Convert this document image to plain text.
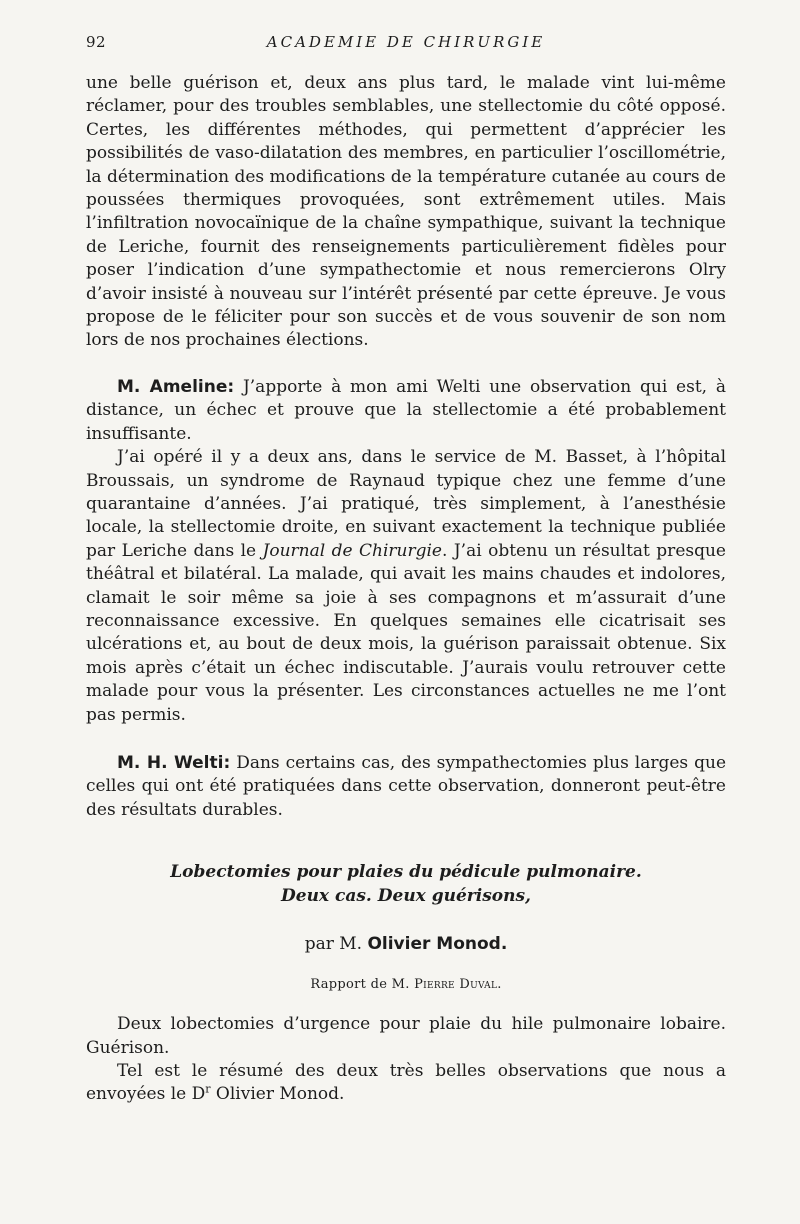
92	ACADEMIE DE CHIRURGIE

une belle guérison et, deux ans plus tard, le malade vint lui-même réclamer, pour des troubles semblables, une stellectomie du côté opposé. Certes, les différentes méthodes, qui permettent d’apprécier les possibilités de vaso-dilatation des membres, en particulier l’oscillométrie, la détermination des modifications de la température cutanée au cours de poussées thermiques provoquées, sont extrêmement utiles. Mais l’infiltration novocaïnique de la chaîne sympathique, suivant la technique de Leriche, fournit des renseignements particulièrement fidèles pour poser l’indication d’une sympathectomie et nous remercierons Olry d’avoir insisté à nouveau sur l’intérêt présenté par cette épreuve. Je vous propose de le féliciter pour son succès et de vous souvenir de son nom lors de nos prochaines élections.

M. Ameline: J’apporte à mon ami Welti une observation qui est, à distance, un échec et prouve que la stellectomie a été probablement insuffisante.

J’ai opéré il y a deux ans, dans le service de M. Basset, à l’hôpital Broussais, un syndrome de Raynaud typique chez une femme d’une quarantaine d’années. J’ai pratiqué, très simplement, à l’anesthésie locale, la stellectomie droite, en suivant exactement la technique publiée par Leriche dans le Journal de Chirurgie. J’ai obtenu un résultat presque théâtral et bilatéral. La malade, qui avait les mains chaudes et indolores, clamait le soir même sa joie à ses compagnons et m’assurait d’une reconnaissance excessive. En quelques semaines elle cicatrisait ses ulcérations et, au bout de deux mois, la guérison paraissait obtenue. Six mois après c’était un échec indiscutable. J’aurais voulu retrouver cette malade pour vous la présenter. Les circonstances actuelles ne me l’ont pas permis.

M. H. Welti: Dans certains cas, des sympathectomies plus larges que celles qui ont été pratiquées dans cette observation, donneront peut-être des résultats durables.

Lobectomies pour plaies du pédicule pulmonaire.
Deux cas. Deux guérisons,
par M. Olivier Monod.
Rapport de M. Pierre Duval.

Deux lobectomies d’urgence pour plaie du hile pulmonaire lobaire. Guérison.

Tel est le résumé des deux très belles observations que nous a envoyées le $D^r$ Olivier Monod.
